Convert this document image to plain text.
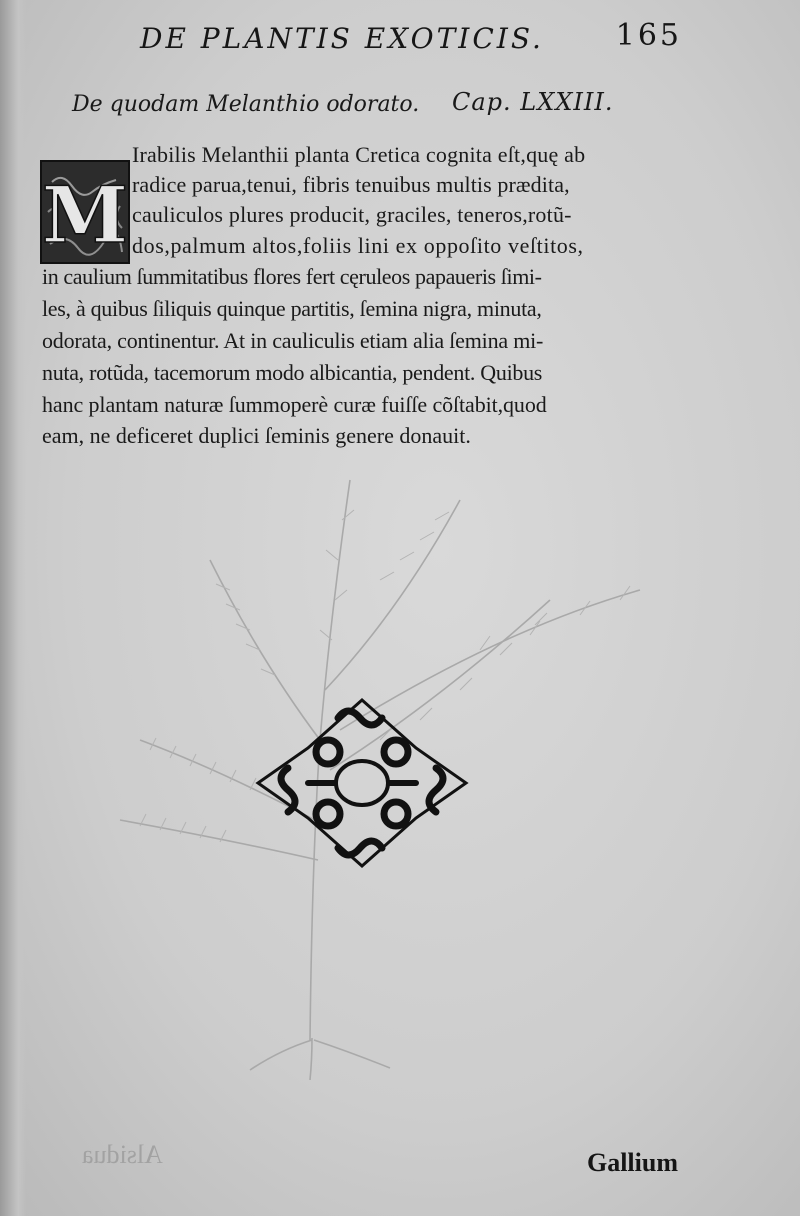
DE PLANTIS EXOTICIS. 165
De quodam Melanthio odorato. Cap. LXXIII.
M
Irabilis Melanthii planta Cretica cognita eſt,quę ab
radice parua,tenui, fibris tenuibus multis prædita,
cauliculos plures producit, graciles, teneros,rotũ-
dos,palmum altos,foliis lini ex oppoſito veſtitos,
in caulium ſummitatibus flores fert cęruleos papaueris ſimi-
les, à quibus ſiliquis quinque partitis, ſemina nigra, minuta,
odorata, continentur. At in cauliculis etiam alia ſemina mi-
nuta, rotũda, tacemorum modo albicantia, pendent. Quibus
hanc plantam naturæ ſummoperè curæ fuiſſe cõſtabit,quod
eam, ne deficeret duplici ſeminis genere donauit.
Alsidua	Gallium
